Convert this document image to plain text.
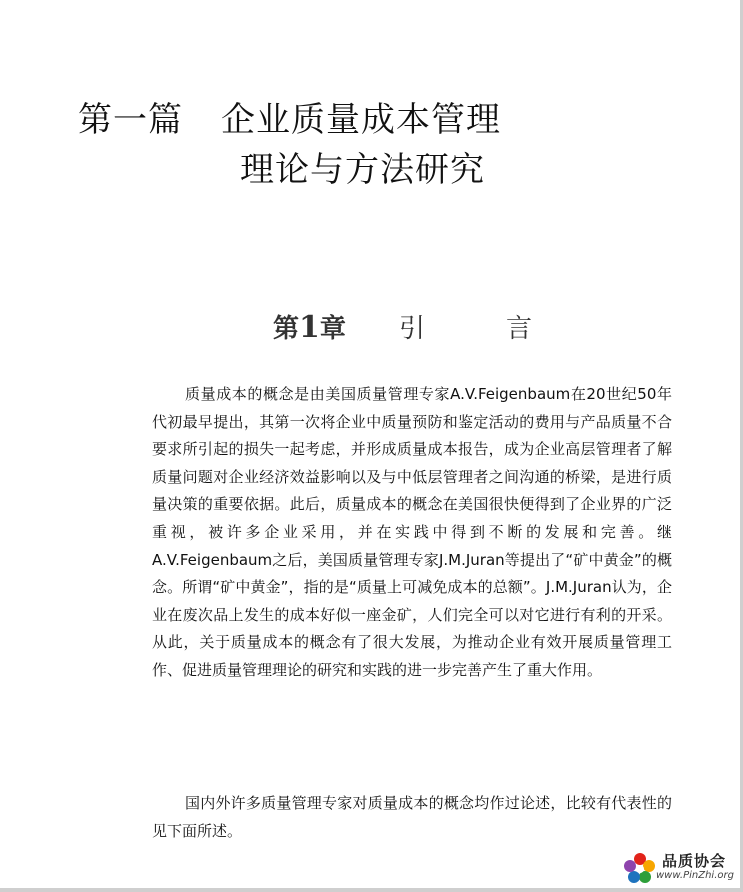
第一篇 企业质量成本管理
理论与方法研究
第1章 引	言

质量成本的概念是由美国质量管理专家A.V.Feigenbaum在20世纪50年代初最早提出，其第一次将企业中质量预防和鉴定活动的费用与产品质量不合要求所引起的损失一起考虑，并形成质量成本报告，成为企业高层管理者了解质量问题对企业经济效益影响以及与中低层管理者之间沟通的桥梁，是进行质量决策的重要依据。此后，质量成本的概念在美国很快便得到了企业界的广泛重视，被许多企业采用，并在实践中得到不断的发展和完善。继A.V.Feigenbaum之后，美国质量管理专家J.M.Juran等提出了“矿中黄金”的概念。所谓“矿中黄金”，指的是“质量上可减免成本的总额”。J.M.Juran认为，企业在废次品上发生的成本好似一座金矿，人们完全可以对它进行有利的开采。从此，关于质量成本的概念有了很大发展，为推动企业有效开展质量管理工作、促进质量管理理论的研究和实践的进一步完善产生了重大作用。

国内外许多质量管理专家对质量成本的概念均作过论述，比较有代表性的见下面所述。

品质协会
www.PinZhi.org
